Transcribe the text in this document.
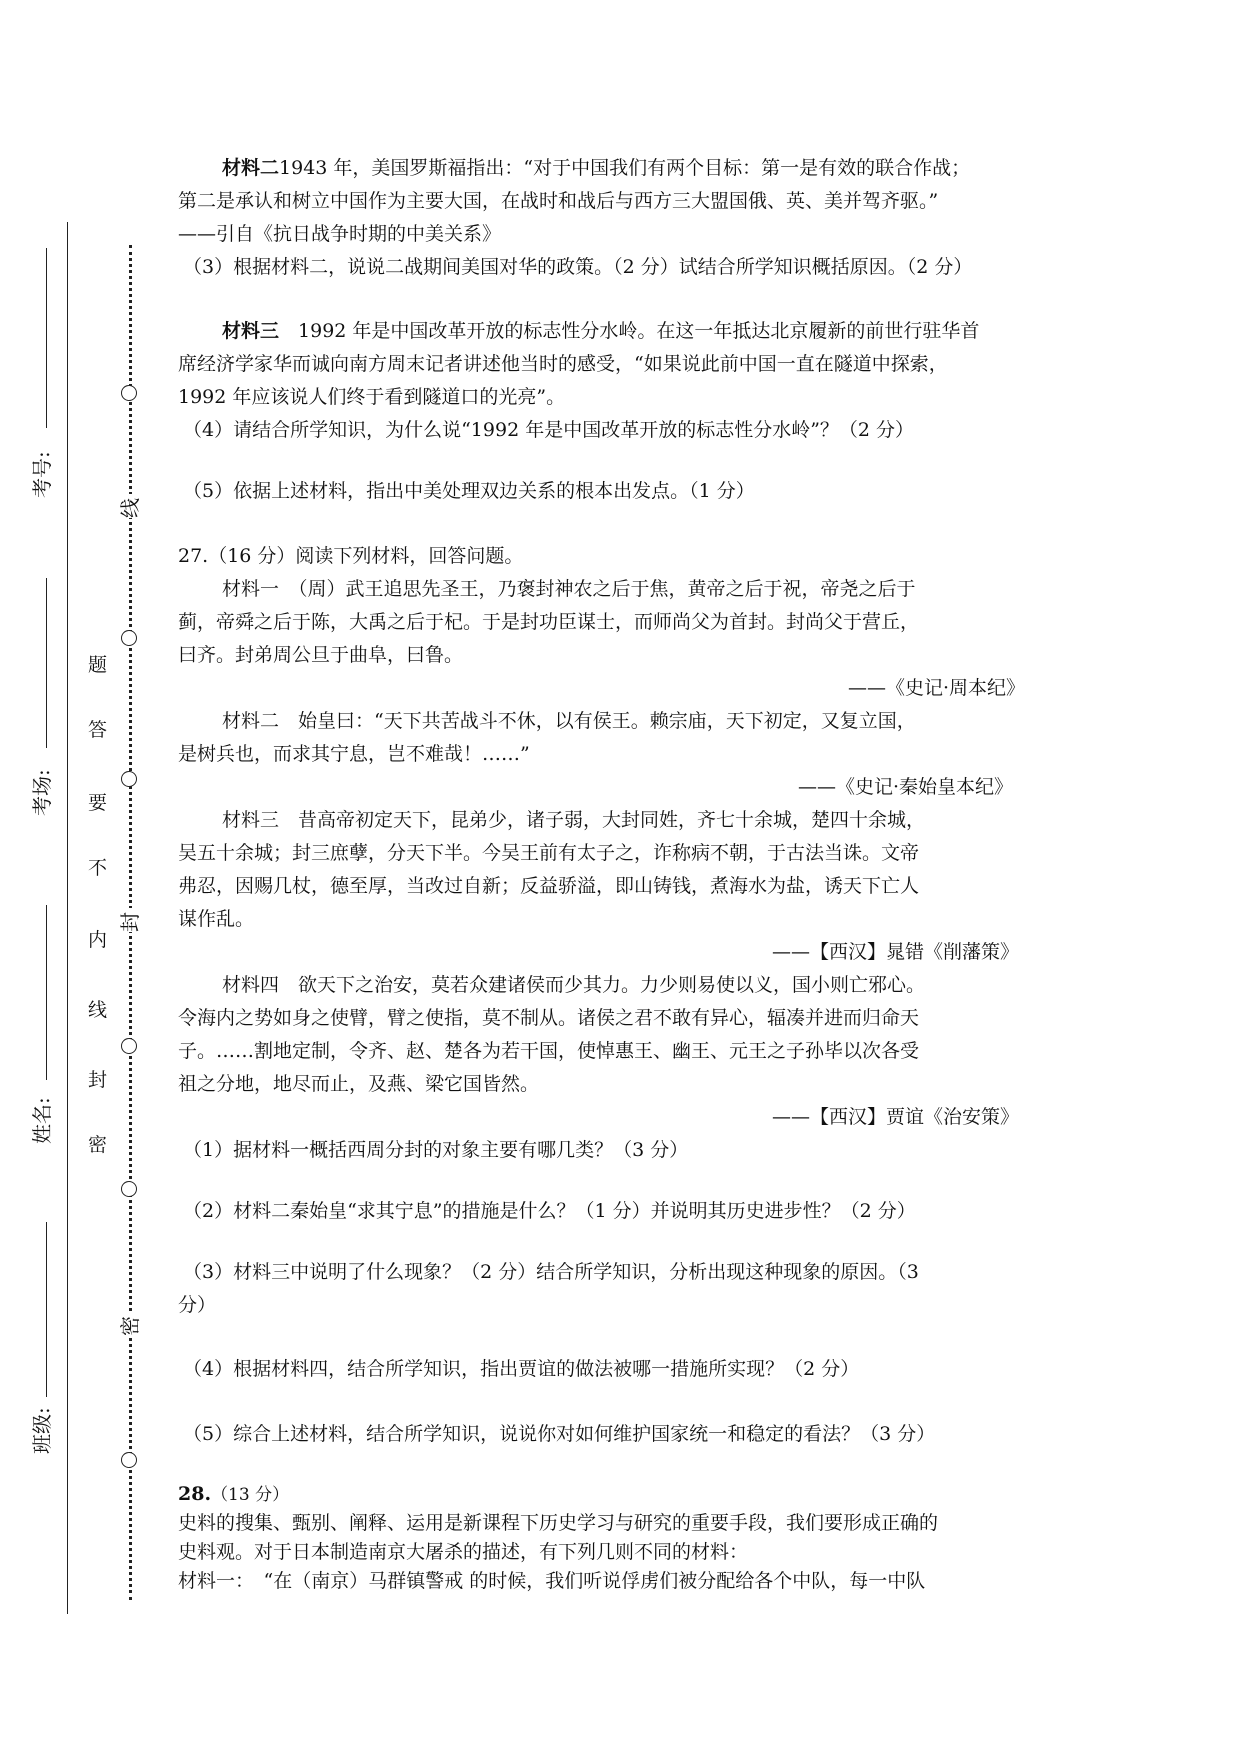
考号:
考场:
姓名:
班级:
题
答
要
不
内
线
封
密
线
封
密
材料二1943 年，美国罗斯福指出：“对于中国我们有两个目标：第一是有效的联合作战；
第二是承认和树立中国作为主要大国，在战时和战后与西方三大盟国俄、英、美并驾齐驱。”
——引自《抗日战争时期的中美关系》
（3）根据材料二，说说二战期间美国对华的政策。（2 分）试结合所学知识概括原因。（2 分）
材料三　 1992 年是中国改革开放的标志性分水岭。在这一年抵达北京履新的前世行驻华首
席经济学家华而诚向南方周末记者讲述他当时的感受，“如果说此前中国一直在隧道中探索，
1992 年应该说人们终于看到隧道口的光亮”。
（4）请结合所学知识，为什么说“1992 年是中国改革开放的标志性分水岭”？（2 分）
（5）依据上述材料，指出中美处理双边关系的根本出发点。（1 分）
27.（16 分）阅读下列材料，回答问题。
材料一　（周）武王追思先圣王，乃褒封神农之后于焦，黄帝之后于祝，帝尧之后于
蓟，帝舜之后于陈，大禹之后于杞。于是封功臣谋士，而师尚父为首封。封尚父于营丘，
曰齐。封弟周公旦于曲阜，曰鲁。
——《史记·周本纪》
材料二　始皇曰：“天下共苦战斗不休，以有侯王。赖宗庙，天下初定，又复立国，
是树兵也，而求其宁息，岂不难哉！……”
——《史记·秦始皇本纪》
材料三　昔高帝初定天下，昆弟少，诸子弱，大封同姓，齐七十余城，楚四十余城，
吴五十余城；封三庶孽，分天下半。今吴王前有太子之，诈称病不朝，于古法当诛。文帝
弗忍，因赐几杖，德至厚，当改过自新；反益骄溢，即山铸钱，煮海水为盐，诱天下亡人
谋作乱。
——【西汉】晁错《削藩策》
材料四　欲天下之治安，莫若众建诸侯而少其力。力少则易使以义，国小则亡邪心。
令海内之势如身之使臂，臂之使指，莫不制从。诸侯之君不敢有异心，辐凑并进而归命天
子。……割地定制，令齐、赵、楚各为若干国，使悼惠王、幽王、元王之子孙毕以次各受
祖之分地，地尽而止，及燕、梁它国皆然。
——【西汉】贾谊《治安策》
（1）据材料一概括西周分封的对象主要有哪几类？（3 分）
（2）材料二秦始皇“求其宁息”的措施是什么？（1 分）并说明其历史进步性？（2 分）
（3）材料三中说明了什么现象？（2 分）结合所学知识，分析出现这种现象的原因。（3
分）
（4）根据材料四，结合所学知识，指出贾谊的做法被哪一措施所实现？（2 分）
（5）综合上述材料，结合所学知识，说说你对如何维护国家统一和稳定的看法？（3 分）
28.（13 分）
史料的搜集、甄别、阐释、运用是新课程下历史学习与研究的重要手段，我们要形成正确的
史料观。对于日本制造南京大屠杀的描述，有下列几则不同的材料：
材料一：　“在（南京）马群镇警戒 的时候，我们听说俘虏们被分配给各个中队，每一中队
